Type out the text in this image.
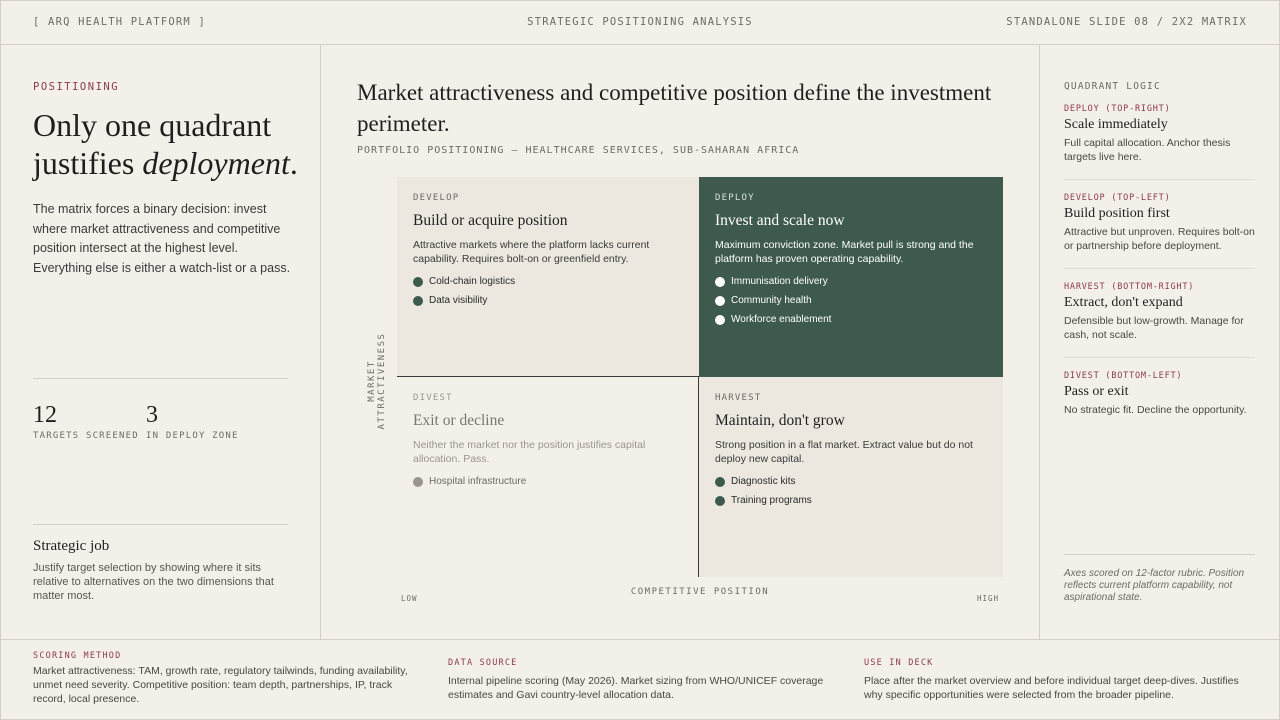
[ ARQ HEALTH PLATFORM ]	STRATEGIC POSITIONING ANALYSIS	STANDALONE SLIDE 08 / 2X2 MATRIX
POSITIONING
Only one quadrant justifies deployment.
The matrix forces a binary decision: invest where market attractiveness and competitive position intersect at the highest level. Everything else is either a watch-list or a pass.
12
TARGETS SCREENED
3
IN DEPLOY ZONE
Strategic job
Justify target selection by showing where it sits relative to alternatives on the two dimensions that matter most.
Market attractiveness and competitive position define the investment perimeter.
PORTFOLIO POSITIONING — HEALTHCARE SERVICES, SUB-SAHARAN AFRICA
DEVELOP
Build or acquire position
Attractive markets where the platform lacks current capability. Requires bolt-on or greenfield entry.
Cold-chain logistics
Data visibility
DEPLOY
Invest and scale now
Maximum conviction zone. Market pull is strong and the platform has proven operating capability.
Immunisation delivery
Community health
Workforce enablement
DIVEST
Exit or decline
Neither the market nor the position justifies capital allocation. Pass.
Hospital infrastructure
HARVEST
Maintain, don't grow
Strong position in a flat market. Extract value but do not deploy new capital.
Diagnostic kits
Training programs
MARKET ATTRACTIVENESS
COMPETITIVE POSITION
LOW	HIGH
QUADRANT LOGIC
DEPLOY (TOP-RIGHT)
Scale immediately
Full capital allocation. Anchor thesis targets live here.
DEVELOP (TOP-LEFT)
Build position first
Attractive but unproven. Requires bolt-on or partnership before deployment.
HARVEST (BOTTOM-RIGHT)
Extract, don't expand
Defensible but low-growth. Manage for cash, not scale.
DIVEST (BOTTOM-LEFT)
Pass or exit
No strategic fit. Decline the opportunity.
Axes scored on 12-factor rubric. Position reflects current platform capability, not aspirational state.
SCORING METHOD
Market attractiveness: TAM, growth rate, regulatory tailwinds, funding availability, unmet need severity. Competitive position: team depth, partnerships, IP, track record, local presence.
DATA SOURCE
Internal pipeline scoring (May 2026). Market sizing from WHO/UNICEF coverage estimates and Gavi country-level allocation data.
USE IN DECK
Place after the market overview and before individual target deep-dives. Justifies why specific opportunities were selected from the broader pipeline.
